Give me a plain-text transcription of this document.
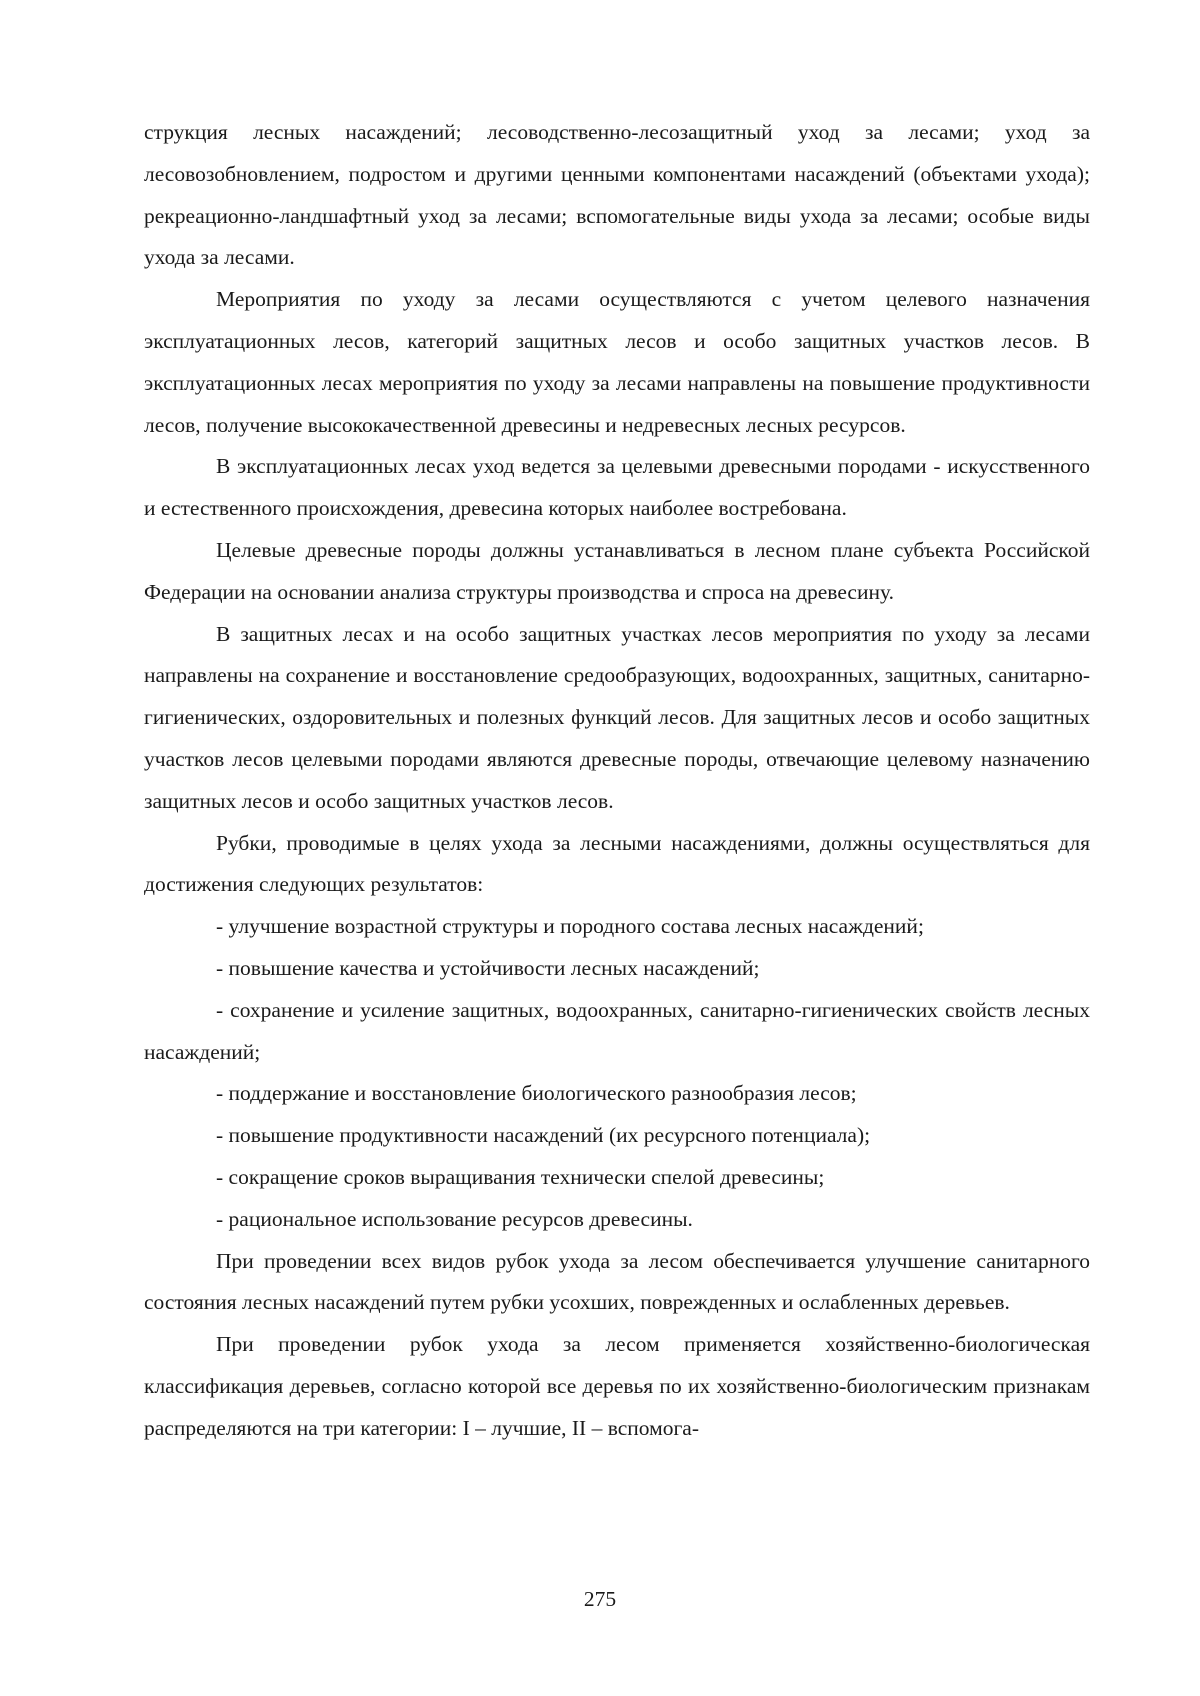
струкция лесных насаждений; лесоводственно-лесозащитный уход за лесами; уход за лесовозобновлением, подростом и другими ценными компонентами насаждений (объектами ухода); рекреационно-ландшафтный уход за лесами; вспомогательные виды ухода за лесами; особые виды ухода за лесами.

Мероприятия по уходу за лесами осуществляются с учетом целевого назначения эксплуатационных лесов, категорий защитных лесов и особо защитных участков лесов. В эксплуатационных лесах мероприятия по уходу за лесами направлены на повышение продуктивности лесов, получение высококачественной древесины и недревесных лесных ресурсов.

В эксплуатационных лесах уход ведется за целевыми древесными породами - искусственного и естественного происхождения, древесина которых наиболее востребована.

Целевые древесные породы должны устанавливаться в лесном плане субъекта Российской Федерации на основании анализа структуры производства и спроса на древесину.

В защитных лесах и на особо защитных участках лесов мероприятия по уходу за лесами направлены на сохранение и восстановление средообразующих, водоохранных, защитных, санитарно-гигиенических, оздоровительных и полезных функций лесов. Для защитных лесов и особо защитных участков лесов целевыми породами являются древесные породы, отвечающие целевому назначению защитных лесов и особо защитных участков лесов.

Рубки, проводимые в целях ухода за лесными насаждениями, должны осуществляться для достижения следующих результатов:

- улучшение возрастной структуры и породного состава лесных насаждений;

- повышение качества и устойчивости лесных насаждений;

- сохранение и усиление защитных, водоохранных, санитарно-гигиенических свойств лесных насаждений;

- поддержание и восстановление биологического разнообразия лесов;

- повышение продуктивности насаждений (их ресурсного потенциала);

- сокращение сроков выращивания технически спелой древесины;

- рациональное использование ресурсов древесины.

При проведении всех видов рубок ухода за лесом обеспечивается улучшение санитарного состояния лесных насаждений путем рубки усохших, поврежденных и ослабленных деревьев.

При проведении рубок ухода за лесом применяется хозяйственно-биологическая классификация деревьев, согласно которой все деревья по их хозяйственно-биологическим признакам распределяются на три категории: I – лучшие, II – вспомога-

275
